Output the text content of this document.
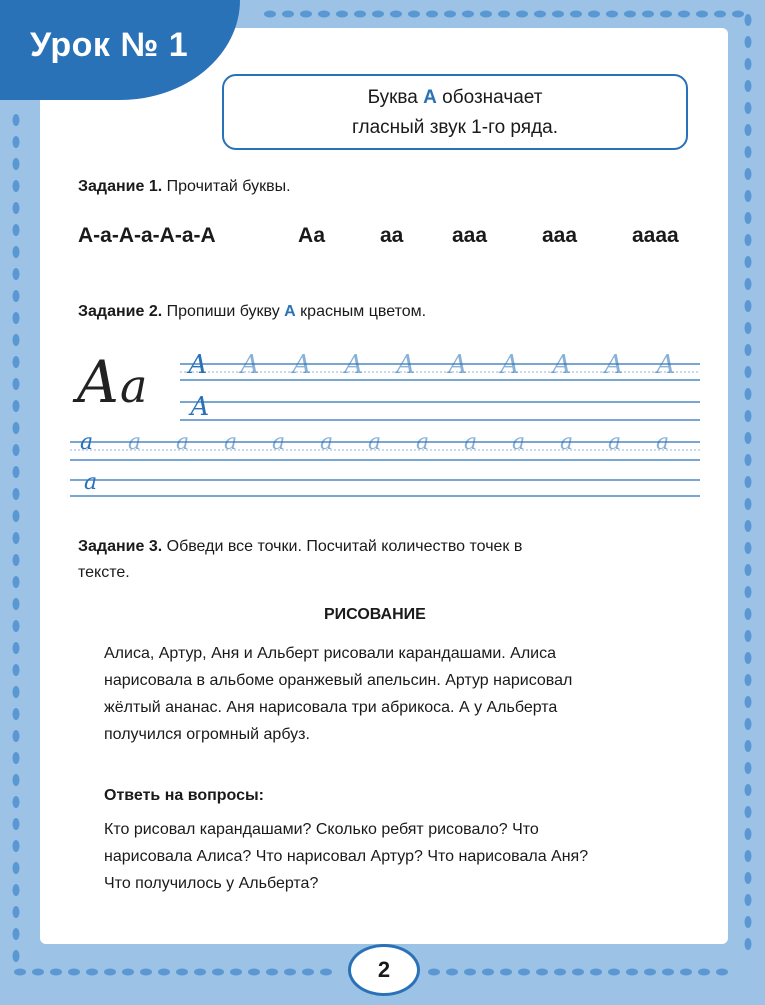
Урок № 1
Буква А обозначает
гласный звук 1-го ряда.
Задание 1. Прочитай буквы.
А-а-А-а-А-а-А	Аа	аа ааа	ааа	аааа
Задание 2. Пропиши букву А красным цветом.
Аа А А А А А А А А А А
А
а а а а а а а а а а а а а
а
Задание 3. Обведи все точки. Посчитай количество точек в
тексте.
РИСОВАНИЕ
Алиса, Артур, Аня и Альберт рисовали карандашами. Алиса
нарисовала в альбоме оранжевый апельсин. Артур нарисовал
жёлтый ананас. Аня нарисовала три абрикоса. А у Альберта
получился огромный арбуз.
Ответь на вопросы:
Кто рисовал карандашами? Сколько ребят рисовало? Что
нарисовала Алиса? Что нарисовал Артур? Что нарисовала Аня?
Что получилось у Альберта?
2
